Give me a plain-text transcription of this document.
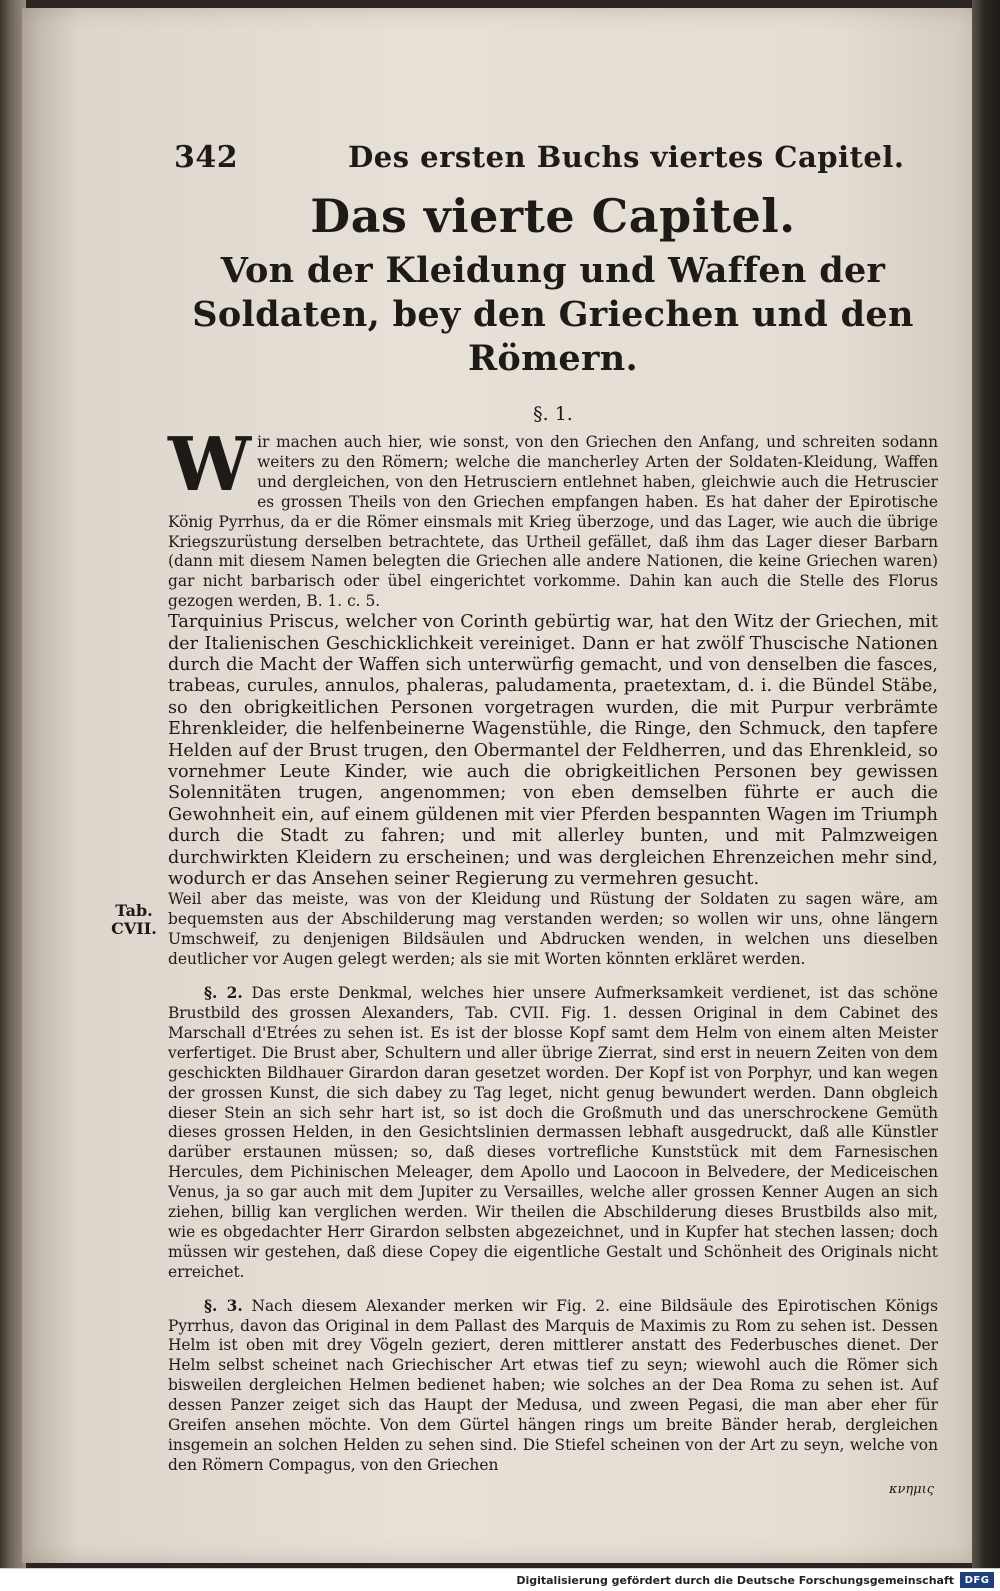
Tab. CVII.
342	Des ersten Buchs viertes Capitel.
Das vierte Capitel.
Von der Kleidung und Waffen der Soldaten, bey den Griechen und den Römern.
§. 1.
W ir machen auch hier, wie sonst, von den Griechen den Anfang, und schreiten sodann weiters zu den Römern; welche die mancherley Arten der Soldaten-Kleidung, Waffen und dergleichen, von den Hetrusciern entlehnet haben, gleichwie auch die Hetruscier es grossen Theils von den Griechen empfangen haben. Es hat daher der Epirotische König Pyrrhus, da er die Römer einsmals mit Krieg überzoge, und das Lager, wie auch die übrige Kriegszurüstung derselben betrachtete, das Urtheil gefället, daß ihm das Lager dieser Barbarn (dann mit diesem Namen belegten die Griechen alle andere Nationen, die keine Griechen waren) gar nicht barbarisch oder übel eingerichtet vorkomme. Dahin kan auch die Stelle des Florus gezogen werden, B. 1. c. 5.

Tarquinius Priscus, welcher von Corinth gebürtig war, hat den Witz der Griechen, mit der Italienischen Geschicklichkeit vereiniget. Dann er hat zwölf Thuscische Nationen durch die Macht der Waffen sich unterwürfig gemacht, und von denselben die fasces, trabeas, curules, annulos, phaleras, paludamenta, praetextam, d. i. die Bündel Stäbe, so den obrigkeitlichen Personen vorgetragen wurden, die mit Purpur verbrämte Ehrenkleider, die helfenbeinerne Wagenstühle, die Ringe, den Schmuck, den tapfere Helden auf der Brust trugen, den Obermantel der Feldherren, und das Ehrenkleid, so vornehmer Leute Kinder, wie auch die obrigkeitlichen Personen bey gewissen Solennitäten trugen, angenommen; von eben demselben führte er auch die Gewohnheit ein, auf einem güldenen mit vier Pferden bespannten Wagen im Triumph durch die Stadt zu fahren; und mit allerley bunten, und mit Palmzweigen durchwirkten Kleidern zu erscheinen; und was dergleichen Ehrenzeichen mehr sind, wodurch er das Ansehen seiner Regierung zu vermehren gesucht.

Weil aber das meiste, was von der Kleidung und Rüstung der Soldaten zu sagen wäre, am bequemsten aus der Abschilderung mag verstanden werden; so wollen wir uns, ohne längern Umschweif, zu denjenigen Bildsäulen und Abdrucken wenden, in welchen uns dieselben deutlicher vor Augen gelegt werden; als sie mit Worten könnten erkläret werden.

§. 2. Das erste Denkmal, welches hier unsere Aufmerksamkeit verdienet, ist das schöne Brustbild des grossen Alexanders, Tab. CVII. Fig. 1. dessen Original in dem Cabinet des Marschall d'Etrées zu sehen ist. Es ist der blosse Kopf samt dem Helm von einem alten Meister verfertiget. Die Brust aber, Schultern und aller übrige Zierrat, sind erst in neuern Zeiten von dem geschickten Bildhauer Girardon daran gesetzet worden. Der Kopf ist von Porphyr, und kan wegen der grossen Kunst, die sich dabey zu Tag leget, nicht genug bewundert werden. Dann obgleich dieser Stein an sich sehr hart ist, so ist doch die Großmuth und das unerschrockene Gemüth dieses grossen Helden, in den Gesichtslinien dermassen lebhaft ausgedruckt, daß alle Künstler darüber erstaunen müssen; so, daß dieses vortrefliche Kunststück mit dem Farnesischen Hercules, dem Pichinischen Meleager, dem Apollo und Laocoon in Belvedere, der Mediceischen Venus, ja so gar auch mit dem Jupiter zu Versailles, welche aller grossen Kenner Augen an sich ziehen, billig kan verglichen werden. Wir theilen die Abschilderung dieses Brustbilds also mit, wie es obgedachter Herr Girardon selbsten abgezeichnet, und in Kupfer hat stechen lassen; doch müssen wir gestehen, daß diese Copey die eigentliche Gestalt und Schönheit des Originals nicht erreichet.

§. 3. Nach diesem Alexander merken wir Fig. 2. eine Bildsäule des Epirotischen Königs Pyrrhus, davon das Original in dem Pallast des Marquis de Maximis zu Rom zu sehen ist. Dessen Helm ist oben mit drey Vögeln geziert, deren mittlerer anstatt des Federbusches dienet. Der Helm selbst scheinet nach Griechischer Art etwas tief zu seyn; wiewohl auch die Römer sich bisweilen dergleichen Helmen bedienet haben; wie solches an der Dea Roma zu sehen ist. Auf dessen Panzer zeiget sich das Haupt der Medusa, und zween Pegasi, die man aber eher für Greifen ansehen möchte. Von dem Gürtel hängen rings um breite Bänder herab, dergleichen insgemein an solchen Helden zu sehen sind. Die Stiefel scheinen von der Art zu seyn, welche von den Römern Compagus, von den Griechen

κνημις
Digitalisierung gefördert durch die Deutsche Forschungsgemeinschaft	DFG
